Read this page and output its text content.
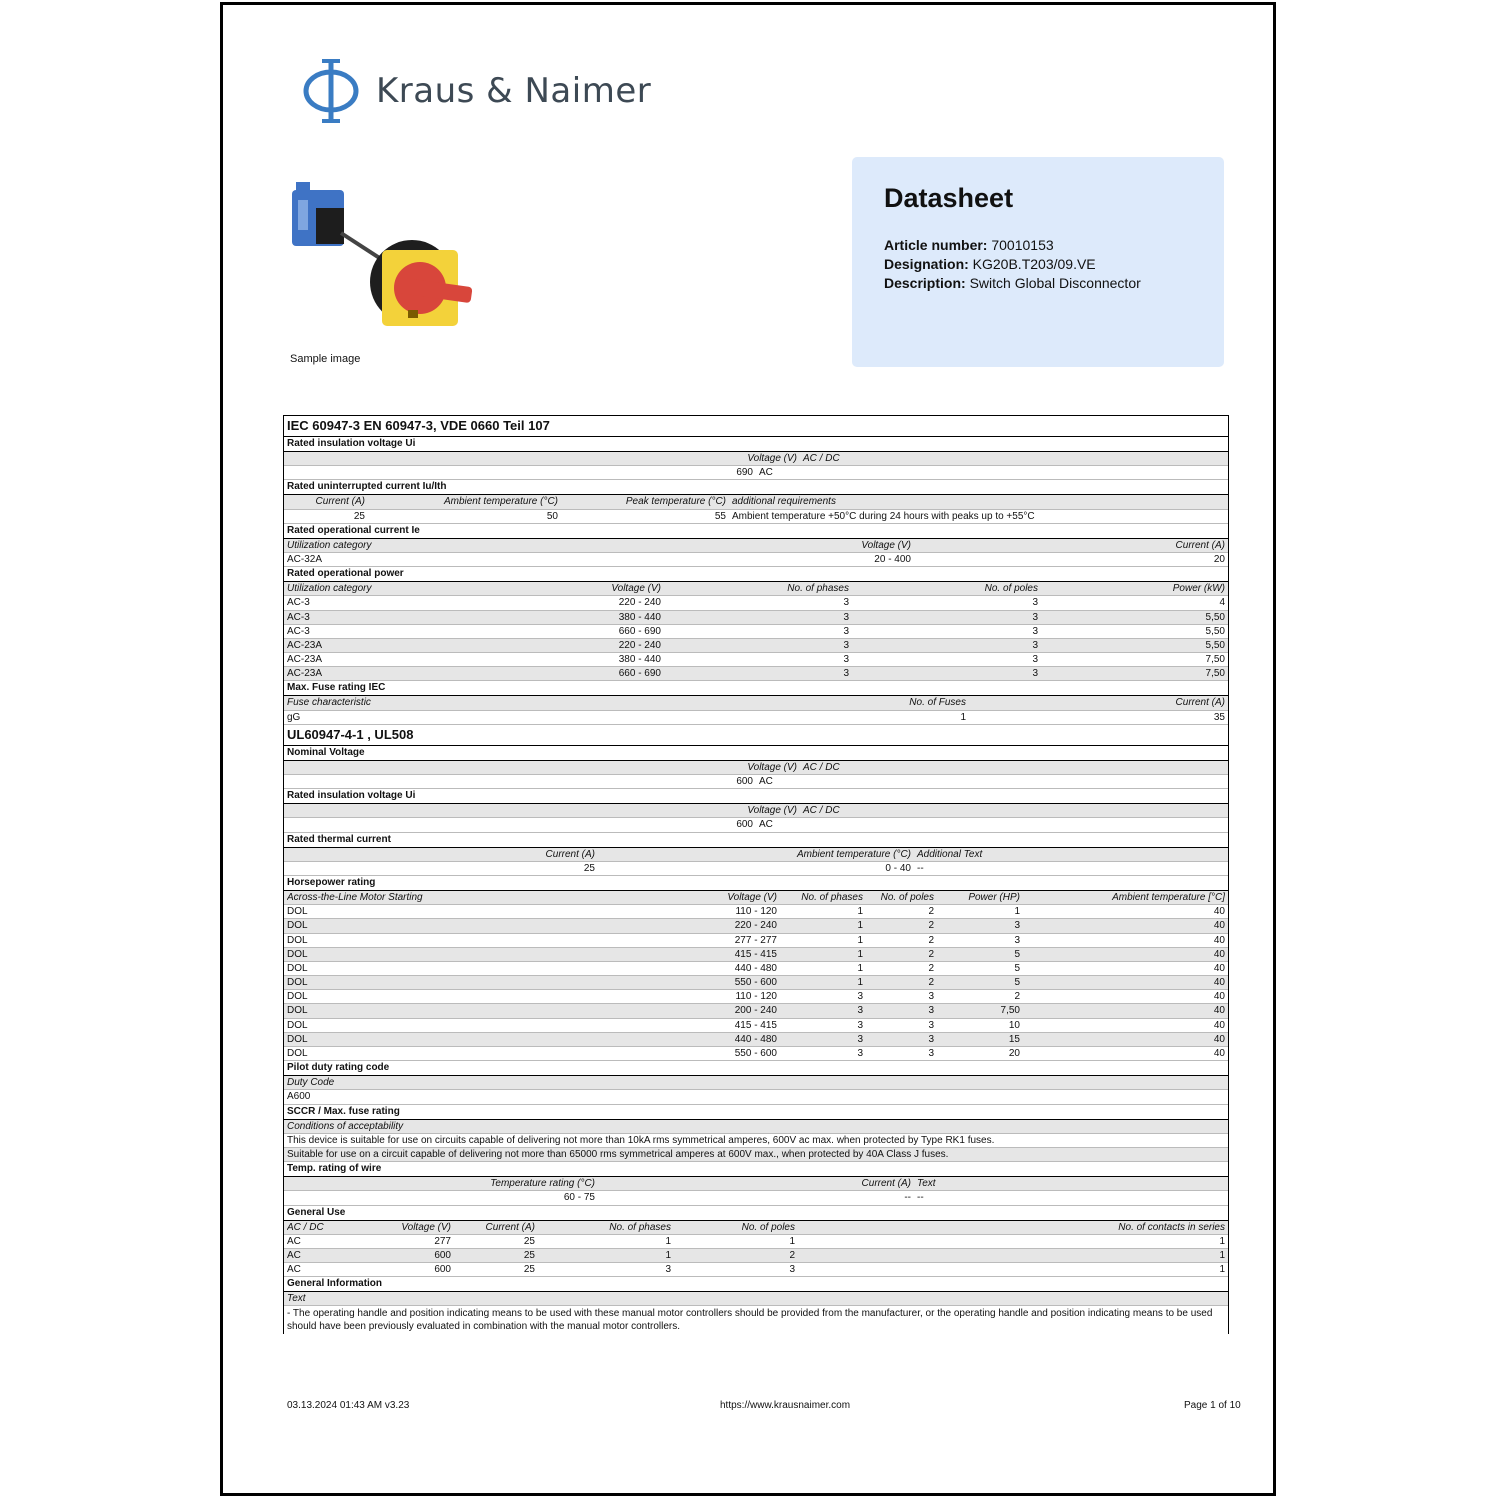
Kraus & Naimer
Sample image
Datasheet
Article number: 70010153
Designation: KG20B.T203/09.VE
Description: Switch Global Disconnector
IEC 60947-3 EN 60947-3, VDE 0660 Teil 107
Rated insulation voltage Ui
Voltage (V) AC / DC
690 AC
Rated uninterrupted current Iu/Ith
Current (A)	Ambient temperature (°C)	Peak temperature (°C) additional requirements
25	50	55 Ambient temperature +50°C during 24 hours with peaks up to +55°C
Rated operational current Ie
Utilization category	Voltage (V)	Current (A)
AC-32A	20 - 400	20
Rated operational power
Utilization category	Voltage (V)	No. of phases	No. of poles	Power (kW)
AC-3	220 - 240	3	3	4
AC-3	380 - 440	3	3	5,50
AC-3	660 - 690	3	3	5,50
AC-23A	220 - 240	3	3	5,50
AC-23A	380 - 440	3	3	7,50
AC-23A	660 - 690	3	3	7,50
Max. Fuse rating IEC
Fuse characteristic	No. of Fuses	Current (A)
gG	1	35
UL60947-4-1 , UL508
Nominal Voltage
Voltage (V) AC / DC
600 AC
Rated insulation voltage Ui
Voltage (V) AC / DC
600 AC
Rated thermal current
Current (A)	Ambient temperature (°C) Additional Text
25	0 - 40 --
Horsepower rating
Across-the-Line Motor Starting	Voltage (V)	No. of phases	No. of poles	Power (HP)	Ambient temperature [°C]
DOL	110 - 120	1	2	1	40
DOL	220 - 240	1	2	3	40
DOL	277 - 277	1	2	3	40
DOL	415 - 415	1	2	5	40
DOL	440 - 480	1	2	5	40
DOL	550 - 600	1	2	5	40
DOL	110 - 120	3	3	2	40
DOL	200 - 240	3	3	7,50	40
DOL	415 - 415	3	3	10	40
DOL	440 - 480	3	3	15	40
DOL	550 - 600	3	3	20	40
Pilot duty rating code
Duty Code
A600
SCCR / Max. fuse rating
Conditions of acceptability
This device is suitable for use on circuits capable of delivering not more than 10kA rms symmetrical amperes, 600V ac max. when protected by Type RK1 fuses.
Suitable for use on a circuit capable of delivering not more than 65000 rms symmetrical amperes at 600V max., when protected by 40A Class J fuses.
Temp. rating of wire
Temperature rating (°C)	Current (A) Text
60 - 75	-- --
General Use
AC / DC	Voltage (V)	Current (A)	No. of phases	No. of poles	No. of contacts in series
AC	277	25	1	1	1
AC	600	25	1	2	1
AC	600	25	3	3	1
General Information
Text
- The operating handle and position indicating means to be used with these manual motor controllers should be provided from the manufacturer, or the operating handle and position indicating means to be used should have been previously evaluated in combination with the manual motor controllers.
03.13.2024 01:43 AM v3.23	https://www.krausnaimer.com	Page 1 of 10
